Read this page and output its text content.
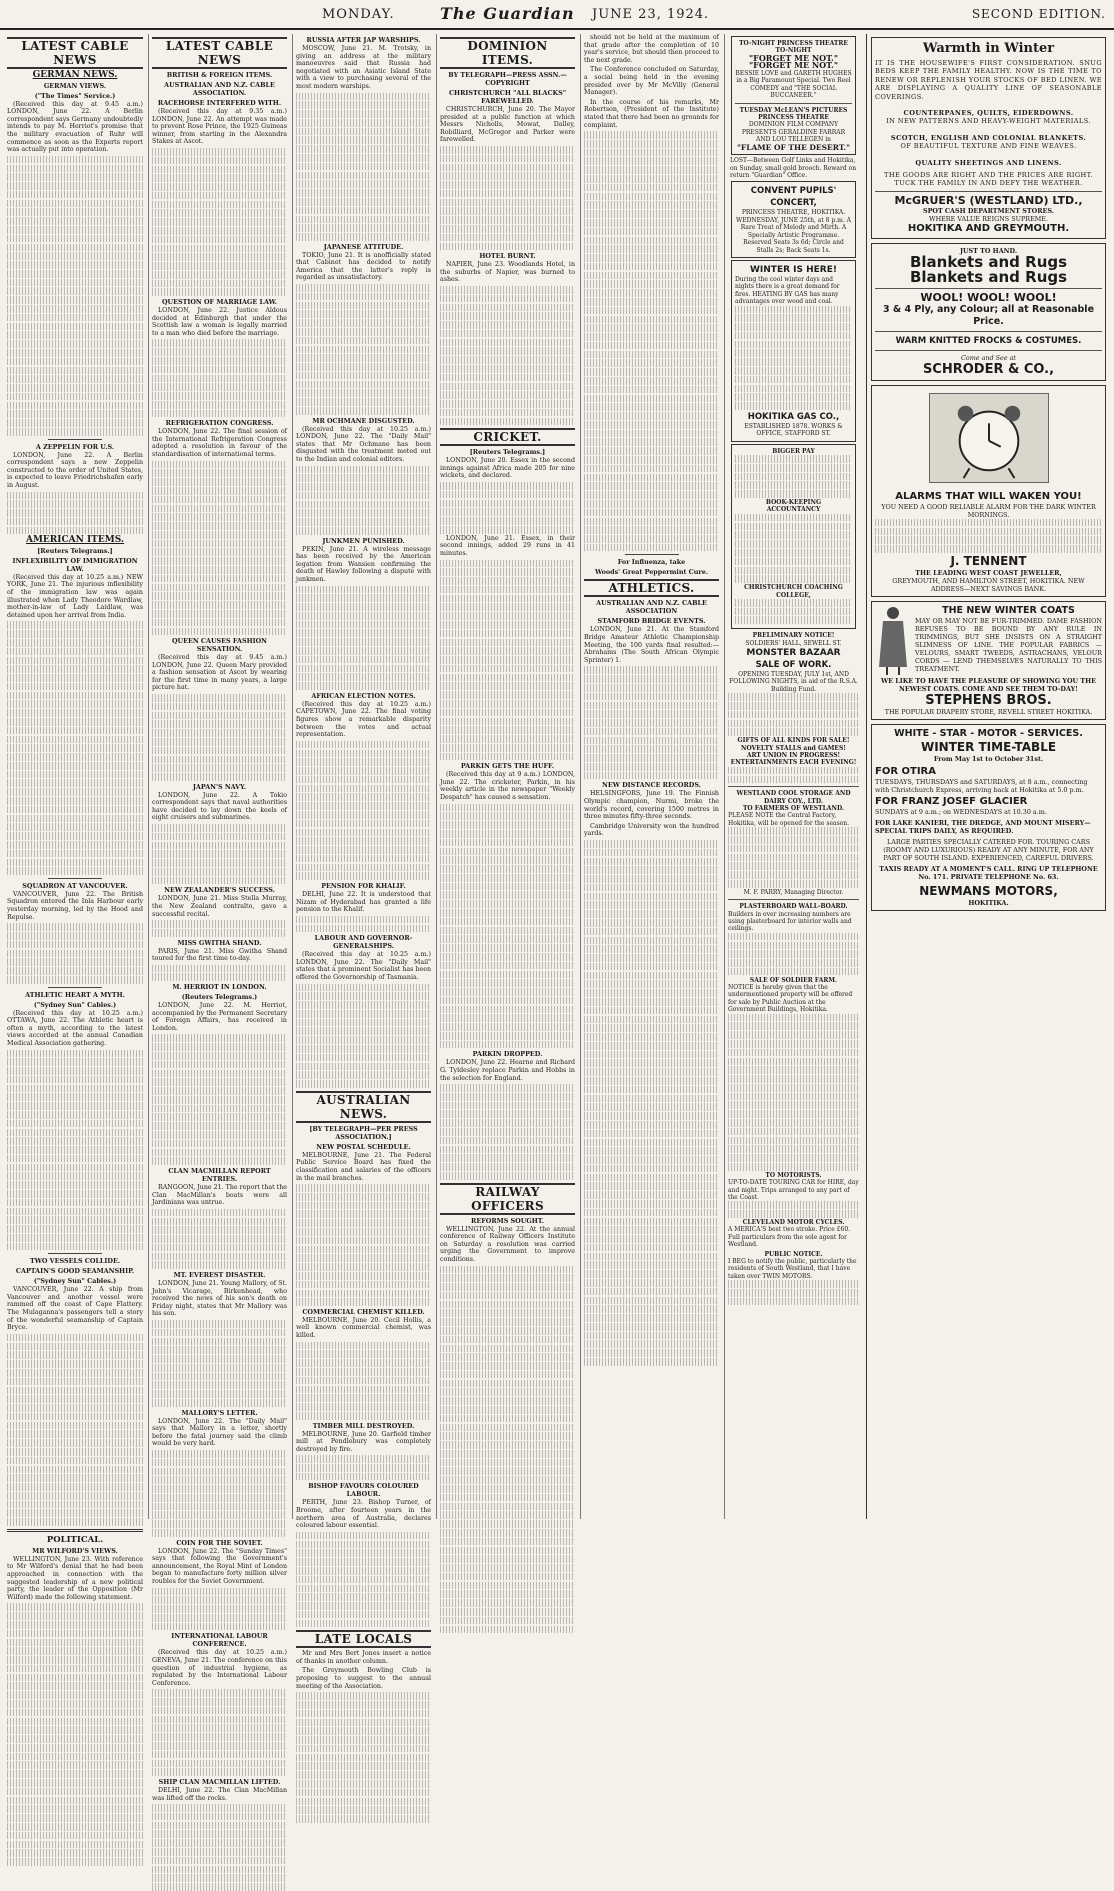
MONDAY.	The Guardian JUNE 23, 1924.	SECOND EDITION.
LATEST CABLE NEWS
GERMAN NEWS.
GERMAN VIEWS.
("The Times" Service.)

(Received this day at 9.45 a.m.) LONDON, June 22. A Berlin correspondent says Germany undoubtedly intends to pay M. Herriot's promise that the military evacuation of Ruhr will commence as soon as the Experts report was actually put into operation.

A ZEPPELIN FOR U.S.

LONDON, June 22. A Berlin correspondent says a new Zeppelin constructed to the order of United States, is expected to leave Friedrichshafen early in August.

AMERICAN ITEMS.
[Reuters Telegrams.]
INFLEXIBILITY OF IMMIGRATION LAW.

(Received this day at 10.25 a.m.) NEW YORK, June 21. The injurious inflexibility of the immigration law was again illustrated when Lady Theodore Wardlaw, mother-in-law of Lady Laidlaw, was detained upon her arrival from India.

SQUADRON AT VANCOUVER.

VANCOUVER, June 22. The British Squadron entered the Inla Harbour early yesterday morning, led by the Hood and Repulse.

ATHLETIC HEART A MYTH.
("Sydney Sun" Cables.)

(Received this day at 10.25 a.m.) OTTAWA, June 22. The Athletic heart is often a myth, according to the latest views accorded at the annual Canadian Medical Association gathering.

TWO VESSELS COLLIDE.
CAPTAIN'S GOOD SEAMANSHIP.
("Sydney Sun" Cables.)

VANCOUVER, June 22. A ship from Vancouver and another vessel were rammed off the coast of Cape Flattery. The Mulaganna's passengers tell a story of the wonderful seamanship of Captain Bryce.

POLITICAL.
MR WILFORD'S VIEWS.

WELLINGTON, June 23. With reference to Mr Wilford's denial that he had been approached in connection with the suggested leadership of a new political party, the leader of the Opposition (Mr Wilford) made the following statement.

LATEST CABLE NEWS
BRITISH & FOREIGN ITEMS.
AUSTRALIAN AND N.Z. CABLE ASSOCIATION.
RACEHORSE INTERFERED WITH.

(Received this day at 9.35 a.m.) LONDON, June 22. An attempt was made to prevent Rose Prince, the 1925 Guineas winner, from starting in the Alexandra Stakes at Ascot.

QUESTION OF MARRIAGE LAW.

LONDON, June 22. Justice Aldous decided at Edinburgh that under the Scottish law a woman is legally married to a man who died before the marriage.

REFRIGERATION CONGRESS.

LONDON, June 22. The final session of the International Refrigeration Congress adopted a resolution in favour of the standardisation of international terms.

QUEEN CAUSES FASHION SENSATION.

(Received this day at 9.45 a.m.) LONDON, June 22. Queen Mary provided a fashion sensation at Ascot by wearing for the first time in many years, a large picture hat.

JAPAN'S NAVY.

LONDON, June 22. A Tokio correspondent says that naval authorities have decided to lay down the keels of eight cruisers and submarines.

NEW ZEALANDER'S SUCCESS.

LONDON, June 21. Miss Stella Murray, the New Zealand contralto, gave a successful recital.

MISS GWITHA SHAND.

PARIS, June 21. Miss Gwitha Shand toured for the first time to-day.

M. HERRIOT IN LONDON.
(Reuters Telegrams.)

LONDON, June 22. M. Herriot, accompanied by the Permanent Secretary of Foreign Affairs, has received in London.

CLAN MACMILLAN REPORT ENTRIES.

RANGOON, June 21. The report that the Clan MacMillan's boats were all Jardinians was untrue.

MT. EVEREST DISASTER.

LONDON, June 21. Young Mallory, of St. John's Vicarage, Birkenhead, who received the news of his son's death on Friday night, states that Mr Mallory was his son.

MALLORY'S LETTER.

LONDON, June 22. The "Daily Mail" says that Mallory in a letter, shortly before the fatal journey said the climb would be very hard.

COIN FOR THE SOVIET.

LONDON, June 22. The "Sunday Times" says that following the Government's announcement, the Royal Mint of London began to manufacture forty million silver roubles for the Soviet Government.

INTERNATIONAL LABOUR CONFERENCE.

(Received this day at 10.25 a.m.) GENEVA, June 21. The conference on this question of industrial hygiene, as regulated by the International Labour Conference.

SHIP CLAN MACMILLAN LIFTED.

DELHI, June 22. The Clan MacMillan was lifted off the rocks.

RUSSIA AFTER JAP WARSHIPS.

MOSCOW, June 21. M. Trotsky, in giving an address at the military manoeuvres said that Russia had negotiated with an Asiatic Island State with a view to purchasing several of the most modern warships.

JAPANESE ATTITUDE.

TOKIO, June 21. It is unofficially stated that Cabinet has decided to notify America that the latter's reply is regarded as unsatisfactory.

MR OCHMANE DISGUSTED.

(Received this day at 10.25 a.m.) LONDON, June 22. The "Daily Mail" states that Mr Ochmane has been disgusted with the treatment meted out to the Indian and colonial editors.

JUNKMEN PUNISHED.

PEKIN, June 21. A wireless message has been received by the American legation from Wansien confirming the death of Hawley following a dispute with junkmen.

AFRICAN ELECTION NOTES.

(Received this day at 10.25 a.m.) CAPETOWN, June 22. The final voting figures show a remarkable disparity between the votes and actual representation.

PENSION FOR KHALIF.

DELHI, June 22. It is understood that Nizam of Hyderabad has granted a life pension to the Khalif.

LABOUR AND GOVERNOR-GENERALSHIPS.

(Received this day at 10.25 a.m.) LONDON, June 22. The "Daily Mail" states that a prominent Socialist has been offered the Governorship of Tasmania.

AUSTRALIAN NEWS.
[BY TELEGRAPH—PER PRESS ASSOCIATION.]
NEW POSTAL SCHEDULE.

MELBOURNE, June 21. The Federal Public Service Board has fixed the classification and salaries of the officers in the mail branches.

COMMERCIAL CHEMIST KILLED.

MELBOURNE, June 20. Cecil Hollis, a well known commercial chemist, was killed.

TIMBER MILL DESTROYED.

MELBOURNE, June 20. Garfield timber mill at Pendlebury was completely destroyed by fire.

BISHOP FAVOURS COLOURED LABOUR.

PERTH, June 23. Bishop Turner, of Broome, after fourteen years in the northern area of Australia, declares coloured labour essential.

LATE LOCALS

Mr and Mrs Bert Jones insert a notice of thanks in another column.

The Greymouth Bowling Club is proposing to suggest to the annual meeting of the Association.

DOMINION ITEMS.
BY TELEGRAPH—PRESS ASSN.—COPYRIGHT
CHRISTCHURCH "ALL BLACKS" FAREWELLED.

CHRISTCHURCH, June 20. The Mayor presided at a public function at which Messrs Nicholls, Mowat, Dalley, Robilliard, McGregor and Parker were farewelled.

HOTEL BURNT.

NAPIER, June 23. Woodlands Hotel, in the suburbs of Napier, was burned to ashes.

CRICKET.
[Reuters Telegrams.]

LONDON, June 20. Essex in the second innings against Africa made 205 for nine wickets, and declared.

LONDON, June 21. Essex, in their second innings, added 29 runs in 41 minutes.

PARKIN GETS THE HUFF.

(Received this day at 9 a.m.) LONDON, June 22. The cricketer, Parkin, in his weekly article in the newspaper "Weekly Despatch" has caused a sensation.

PARKIN DROPPED.

LONDON, June 22. Hearne and Richard G. Tyldesley replace Parkin and Hobbs in the selection for England.

RAILWAY OFFICERS
REFORMS SOUGHT.

WELLINGTON, June 22. At the annual conference of Railway Officers Institute on Saturday a resolution was carried urging the Government to improve conditions.

should not be held at the maximum of that grade after the completion of 10 year's service, but should then proceed to the next grade.

The Conference concluded on Saturday, a social being held in the evening presided over by Mr McVilly (General Manager).

In the course of his remarks, Mr Robertson, (President of the Institute) stated that there had been no grounds for complaint.

For Influenza, take
Woods' Great Peppermint Cure.
ATHLETICS.
AUSTRALIAN AND N.Z. CABLE ASSOCIATION
STAMFORD BRIDGE EVENTS.

LONDON, June 21. At the Stamford Bridge Amateur Athletic Championship Meeting, the 100 yards final resulted:— Abrahams (The South African Olympic Sprinter) 1.

NEW DISTANCE RECORDS.

HELSINGFORS, June 19. The Finnish Olympic champion, Nurmi, broke the world's record, covering 1500 metres in three minutes fifty-three seconds.

Cambridge University won the hundred yards.

TO-NIGHT PRINCESS THEATRE TO-NIGHT
"FORGET ME NOT."
"FORGET ME NOT."
BESSIE LOVE and GARETH HUGHES in a Big Paramount Special. Two Reel COMEDY and "THE SOCIAL BUCCANEER."
TUESDAY McLEAN'S PICTURES PRINCESS THEATRE
DOMINION FILM COMPANY PRESENTS GERALDINE FARRAR AND LOU TELLEGEN in
"FLAME OF THE DESERT."
LOST—Between Golf Links and Hokitika, on Sunday, small gold brooch. Reward on return "Guardian" Office.
CONVENT PUPILS' CONCERT,
PRINCESS THEATRE, HOKITIKA.
WEDNESDAY, JUNE 25th, at 8 p.m. A Rare Treat of Melody and Mirth. A Specially Artistic Programme. Reserved Seats 3s 6d; Circle and Stalls 2s; Back Seats 1s.
WINTER IS HERE!
During the cool winter days and nights there is a great demand for fires. HEATING BY GAS has many advantages over wood and coal.
HOKITIKA GAS CO.,
ESTABLISHED 1878. WORKS & OFFICE, STAFFORD ST.
BIGGER PAY
BOOK-KEEPING
ACCOUNTANCY
CHRISTCHURCH COACHING COLLEGE,
PRELIMINARY NOTICE!
SOLDIERS' HALL, SEWELL ST.
MONSTER BAZAAR
SALE OF WORK.
OPENING TUESDAY, JULY 1st, AND FOLLOWING NIGHTS, in aid of the R.S.A. Building Fund.
GIFTS OF ALL KINDS FOR SALE!
NOVELTY STALLS and GAMES!
ART UNION IN PROGRESS!
ENTERTAINMENTS EACH EVENING!
WESTLAND COOL STORAGE AND DAIRY COY., LTD.
TO FARMERS OF WESTLAND.
PLEASE NOTE the Central Factory, Hokitika, will be opened for the season.
M. F. PARRY, Managing Director.
PLASTERBOARD WALL-BOARD.
Builders in ever increasing numbers are using plasterboard for interior walls and ceilings.
SALE OF SOLDIER FARM.
NOTICE is hereby given that the undermentioned property will be offered for sale by Public Auction at the Government Buildings, Hokitika.
TO MOTORISTS.
UP-TO-DATE TOURING CAR for HIRE, day and night. Trips arranged to any part of the Coast.
CLEVELAND MOTOR CYCLES.
A MERICA'S best two stroke. Price £60. Full particulars from the sole agent for Westland.
PUBLIC NOTICE.
I BEG to notify the public, particularly the residents of South Westland, that I have taken over TWIN MOTORS.
Warmth in Winter
IT IS THE HOUSEWIFE'S FIRST CONSIDERATION. SNUG BEDS KEEP THE FAMILY HEALTHY. NOW IS THE TIME TO RENEW OR REPLENISH YOUR STOCKS OF BED LINEN. WE ARE DISPLAYING A QUALITY LINE OF SEASONABLE COVERINGS.
COUNTERPANES, QUILTS, EIDERDOWNS.
IN NEW PATTERNS AND HEAVY-WEIGHT MATERIALS.
SCOTCH, ENGLISH AND COLONIAL BLANKETS.
OF BEAUTIFUL TEXTURE AND FINE WEAVES.
QUALITY SHEETINGS AND LINENS.
THE GOODS ARE RIGHT AND THE PRICES ARE RIGHT. TUCK THE FAMILY IN AND DEFY THE WEATHER.
McGRUER'S (WESTLAND) LTD.,
SPOT CASH DEPARTMENT STORES.
WHERE VALUE REIGNS SUPREME.
HOKITIKA AND GREYMOUTH.
JUST TO HAND.
Blankets and Rugs
Blankets and Rugs
WOOL! WOOL! WOOL!
3 & 4 Ply, any Colour; all at Reasonable Price.
WARM KNITTED FROCKS & COSTUMES.
Come and See at
SCHRODER & CO.,
ALARMS THAT WILL WAKEN YOU!
YOU NEED A GOOD RELIABLE ALARM FOR THE DARK WINTER MORNINGS.
J. TENNENT
THE LEADING WEST COAST JEWELLER,
GREYMOUTH, AND HAMILTON STREET, HOKITIKA. NEW ADDRESS—NEXT SAVINGS BANK.
THE NEW WINTER COATS
MAY OR MAY NOT BE FUR-TRIMMED. DAME FASHION REFUSES TO BE BOUND BY ANY RULE IN TRIMMINGS, BUT SHE INSISTS ON A STRAIGHT SLIMNESS OF LINE. THE POPULAR FABRICS — VELOURS, SMART TWEEDS, ASTRACHANS, VELOUR CORDS — LEND THEMSELVES NATURALLY TO THIS TREATMENT.
WE LIKE TO HAVE THE PLEASURE OF SHOWING YOU THE NEWEST COATS. COME AND SEE THEM TO-DAY!
STEPHENS BROS.
THE POPULAR DRAPERY STORE, REVELL STREET HOKITIKA.
WHITE - STAR - MOTOR - SERVICES.
WINTER TIME-TABLE
From May 1st to October 31st.
FOR OTIRA
TUESDAYS, THURSDAYS and SATURDAYS, at 8 a.m., connecting with Christchurch Express, arriving back at Hokitika at 5.0 p.m.
FOR FRANZ JOSEF GLACIER
SUNDAYS at 9 a.m.; on WEDNESDAYS at 10.30 a.m.
FOR LAKE KANIERI, THE DREDGE, AND MOUNT MISERY—SPECIAL TRIPS DAILY, AS REQUIRED.
LARGE PARTIES SPECIALLY CATERED FOR. TOURING CARS (ROOMY AND LUXURIOUS) READY AT ANY MINUTE, FOR ANY PART OF SOUTH ISLAND. EXPERIENCED, CAREFUL DRIVERS.
TAXIS READY AT A MOMENT'S CALL. RING UP TELEPHONE No. 171. PRIVATE TELEPHONE No. 63.
NEWMANS MOTORS,
HOKITIKA.
